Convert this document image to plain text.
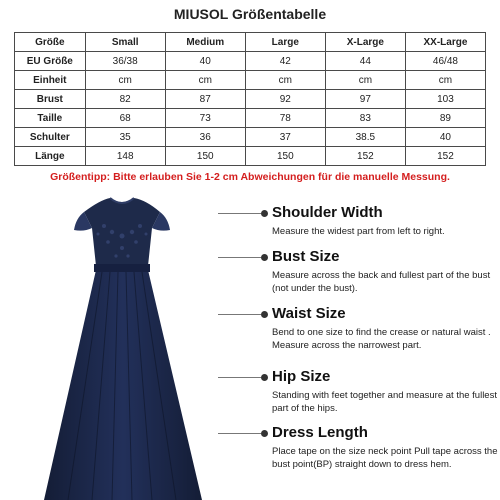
MIUSOL Größentabelle
Größe	Small	Medium	Large	X-Large	XX-Large
EU Größe	36/38	40	42	44	46/48
Einheit	cm	cm	cm	cm	cm
Brust	82	87	92	97	103
Taille	68	73	78	83	89
Schulter	35	36	37	38.5	40
Länge	148	150	150	152	152
Größentipp: Bitte erlauben Sie 1-2 cm Abweichungen für die manuelle Messung.
Shoulder Width
Measure the widest part from left to right.
Bust Size
Measure across the back and fullest part of the bust (not under the bust).
Waist Size
Bend to one size to find the crease or natural waist . Measure across the narrowest part.
Hip Size
Standing with feet together and measure at the fullest part of the hips.
Dress Length
Place tape on the size neck point Pull tape across the bust point(BP) straight down to dress hem.
